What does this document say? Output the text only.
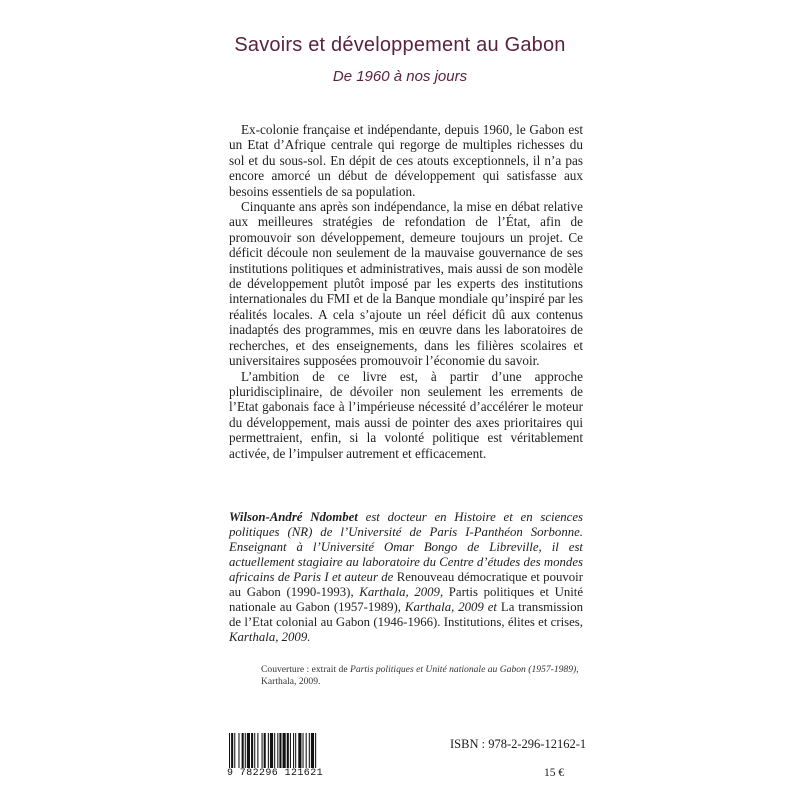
Savoirs et développement au Gabon
De 1960 à nos jours

Ex-colonie française et indépendante, depuis 1960, le Gabon est un Etat d’Afrique centrale qui regorge de multiples richesses du sol et du sous-sol. En dépit de ces atouts exceptionnels, il n’a pas encore amorcé un début de développement qui satisfasse aux besoins essentiels de sa population.

Cinquante ans après son indépendance, la mise en débat relative aux meilleures stratégies de refondation de l’État, afin de promouvoir son développement, demeure toujours un projet. Ce déficit découle non seulement de la mauvaise gouvernance de ses institutions politiques et administratives, mais aussi de son modèle de développement plutôt imposé par les experts des institutions internationales du FMI et de la Banque mondiale qu’inspiré par les réalités locales. A cela s’ajoute un réel déficit dû aux contenus inadaptés des programmes, mis en œuvre dans les laboratoires de recherches, et des enseignements, dans les filières scolaires et universitaires supposées promouvoir l’économie du savoir.

L’ambition de ce livre est, à partir d’une approche pluridisciplinaire, de dévoiler non seulement les errements de l’Etat gabonais face à l’impérieuse nécessité d’accélérer le moteur du développement, mais aussi de pointer des axes prioritaires qui permettraient, enfin, si la volonté politique est véritablement activée, de l’impulser autrement et efficacement.

Wilson-André Ndombet est docteur en Histoire et en sciences politiques (NR) de l’Université de Paris I-Panthéon Sorbonne. Enseignant à l’Université Omar Bongo de Libreville, il est actuellement stagiaire au laboratoire du Centre d’études des mondes africains de Paris I et auteur de Renouveau démocratique et pouvoir au Gabon (1990-1993), Karthala, 2009, Partis politiques et Unité nationale au Gabon (1957-1989), Karthala, 2009 et La transmission de l’Etat colonial au Gabon (1946-1966). Institutions, élites et crises, Karthala, 2009.
Couverture : extrait de Partis politiques et Unité nationale au Gabon (1957-1989), Karthala, 2009.
9 782296 121621
ISBN : 978-2-296-12162-1
15 €
